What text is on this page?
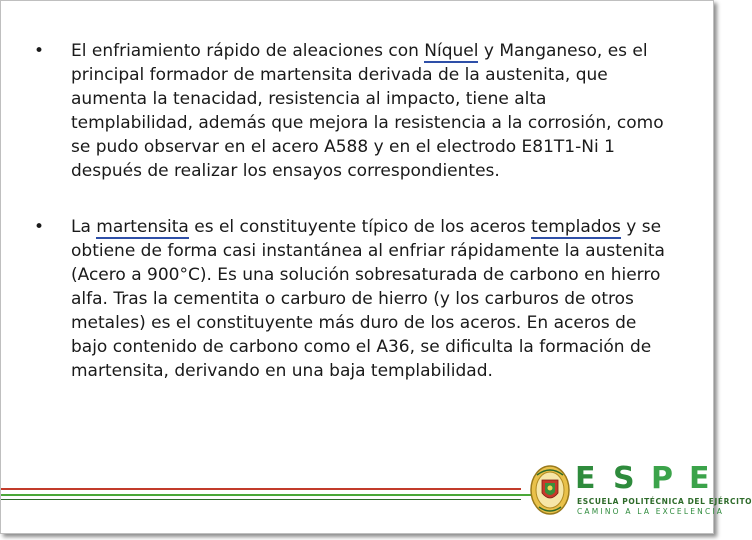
• El enfriamiento rápido de aleaciones con Níquel y Manganeso, es el principal formador de martensita derivada de la austenita, que aumenta la tenacidad, resistencia al impacto, tiene alta templabilidad, además que mejora la resistencia a la corrosión, como se pudo observar en el acero A588 y en el electrodo E81T1-Ni 1 después de realizar los ensayos correspondientes.
• La martensita es el constituyente típico de los aceros templados y se obtiene de forma casi instantánea al enfriar rápidamente la austenita (Acero a 900°C). Es una solución sobresaturada de carbono en hierro alfa. Tras la cementita o carburo de hierro (y los carburos de otros metales) es el constituyente más duro de los aceros. En aceros de bajo contenido de carbono como el A36, se dificulta la formación de martensita, derivando en una baja templabilidad.
E S P E
ESCUELA POLITÉCNICA DEL EJÉRCITO
CAMINO A LA EXCELENCIA
